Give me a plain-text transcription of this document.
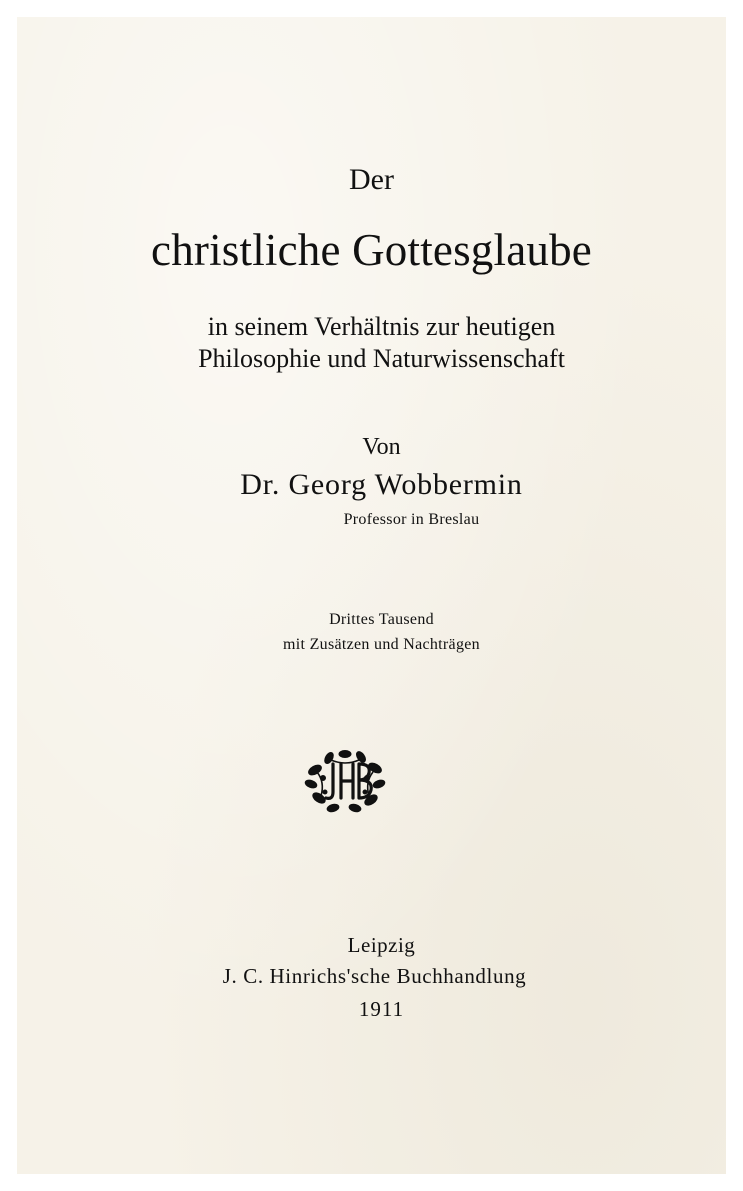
Der
christliche Gottesglaube
in seinem Verhältnis zur heutigen
Philosophie und Naturwissenschaft
Von
Dr. Georg Wobbermin
Professor in Breslau
Drittes Tausend
mit Zusätzen und Nachträgen
Leipzig
J. C. Hinrichs'sche Buchhandlung
1911
